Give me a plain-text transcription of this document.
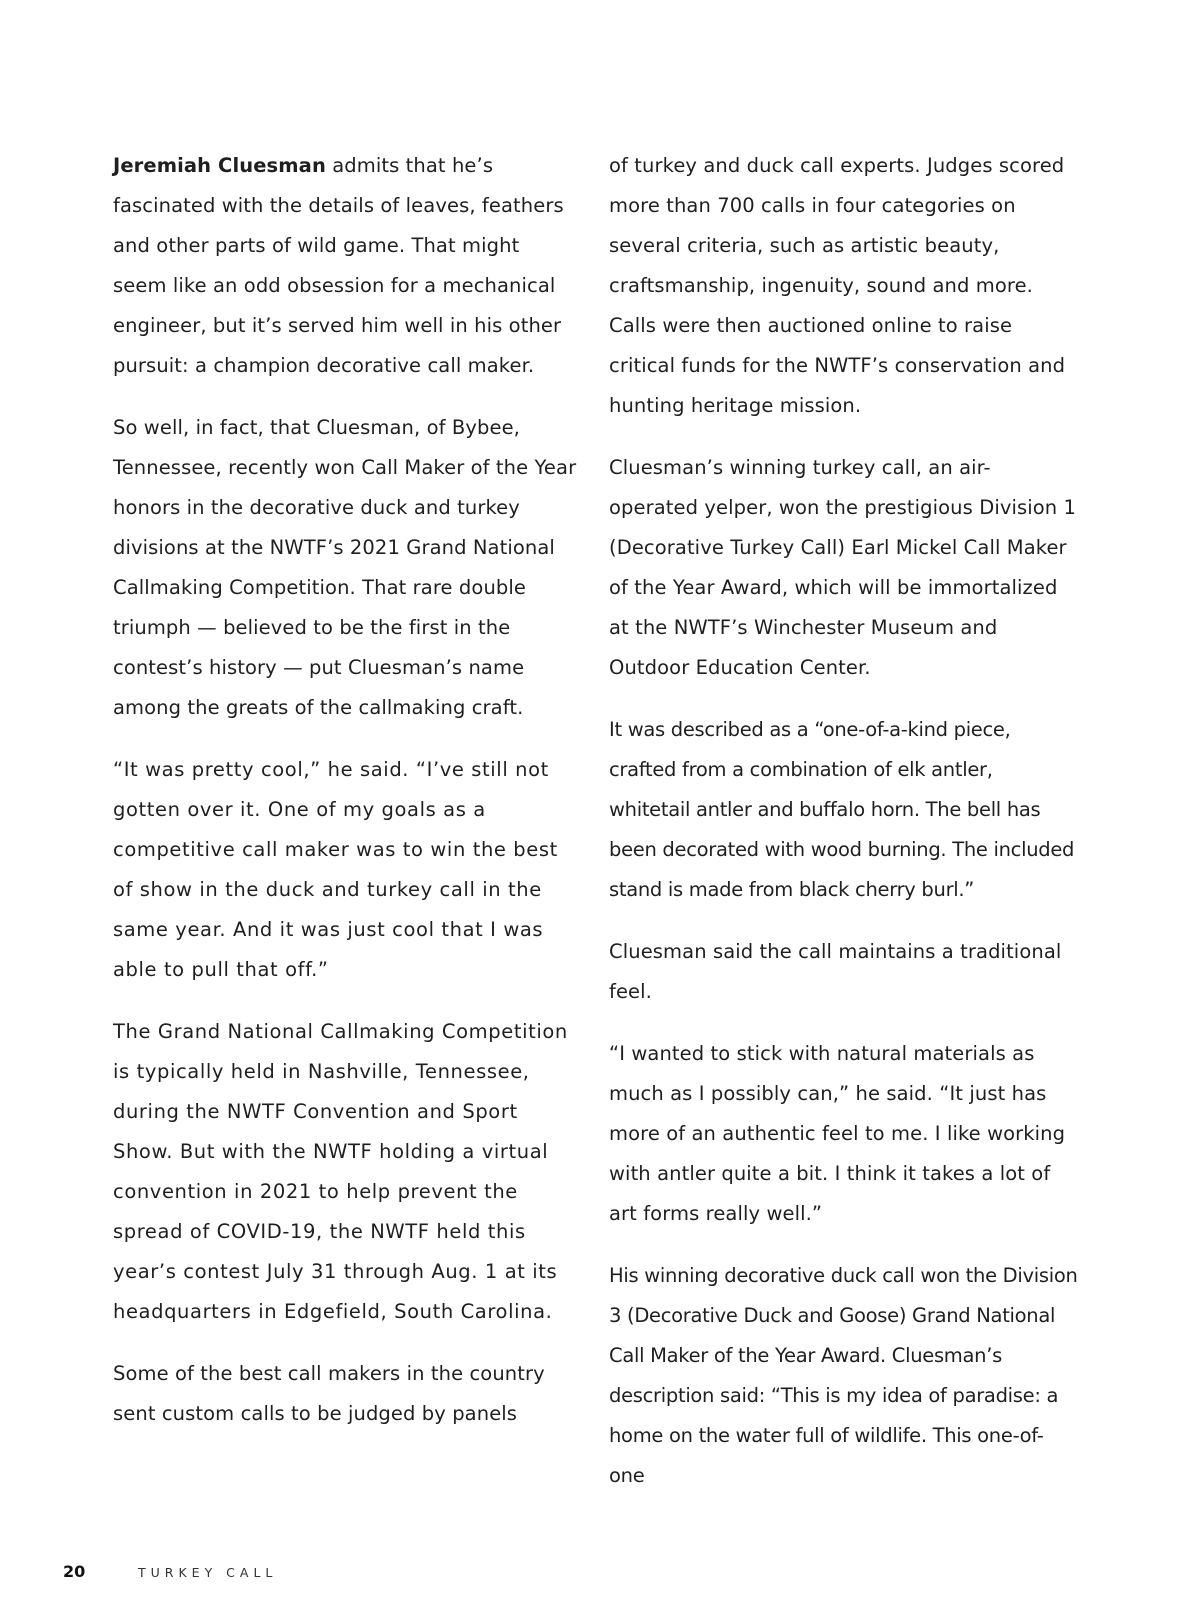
Jeremiah Cluesman admits that he’s fascinated with the details of leaves, feathers and other parts of wild game. That might seem like an odd obsession for a mechanical engineer, but it’s served him well in his other pursuit: a champion decorative call maker.

So well, in fact, that Cluesman, of Bybee, Tennessee, recently won Call Maker of the Year honors in the decorative duck and turkey divisions at the NWTF’s 2021 Grand National Callmaking Competition. That rare double triumph — believed to be the first in the contest’s history — put Cluesman’s name among the greats of the callmaking craft.

“It was pretty cool,” he said. “I’ve still not gotten over it. One of my goals as a competitive call maker was to win the best of show in the duck and turkey call in the same year. And it was just cool that I was able to pull that off.”

The Grand National Callmaking Competition is typically held in Nashville, Tennessee, during the NWTF Convention and Sport Show. But with the NWTF holding a virtual convention in 2021 to help prevent the spread of COVID-19, the NWTF held this year’s contest July 31 through Aug. 1 at its headquarters in Edgefield, South Carolina.

Some of the best call makers in the country sent custom calls to be judged by panels

of turkey and duck call experts. Judges scored more than 700 calls in four categories on several criteria, such as artistic beauty, craftsmanship, ingenuity, sound and more. Calls were then auctioned online to raise critical funds for the NWTF’s conservation and hunting heritage mission.

Cluesman’s winning turkey call, an air-operated yelper, won the prestigious Division 1 (Decorative Turkey Call) Earl Mickel Call Maker of the Year Award, which will be immortalized at the NWTF’s Winchester Museum and Outdoor Education Center.

It was described as a “one-of-a-kind piece, crafted from a combination of elk antler, whitetail antler and buffalo horn. The bell has been decorated with wood burning. The included stand is made from black cherry burl.”

Cluesman said the call maintains a traditional feel.

“I wanted to stick with natural materials as much as I possibly can,” he said. “It just has more of an authentic feel to me. I like working with antler quite a bit. I think it takes a lot of art forms really well.”

His winning decorative duck call won the Division 3 (Decorative Duck and Goose) Grand National Call Maker of the Year Award. Cluesman’s description said: “This is my idea of paradise: a home on the water full of wildlife. This one-of-one

20	TURKEY CALL
